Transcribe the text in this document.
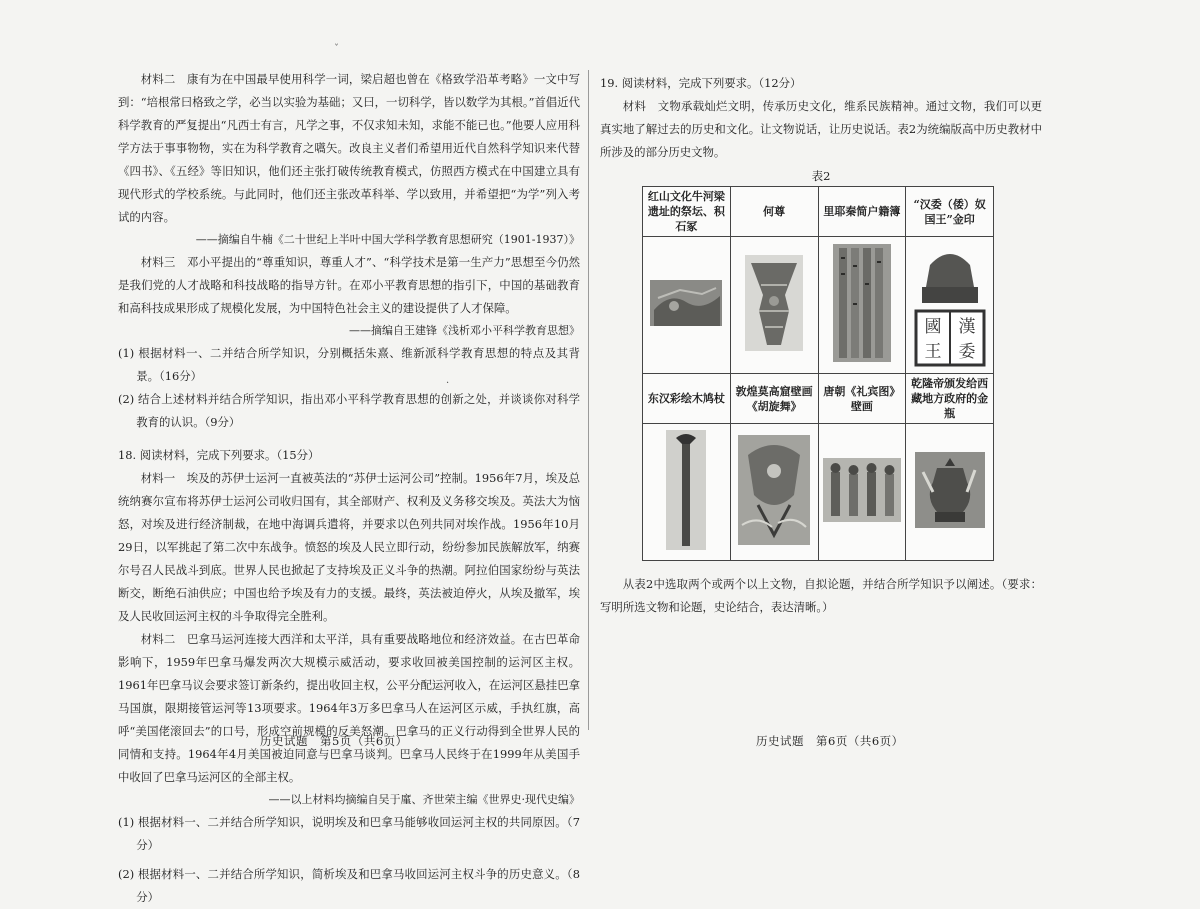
ˇ
·

材料二　康有为在中国最早使用科学一词，梁启超也曾在《格致学沿革考略》一文中写到：“培根常曰格致之学，必当以实验为基础；又曰，一切科学，皆以数学为其根。”首倡近代科学教育的严复提出“凡西士有言，凡学之事，不仅求知未知，求能不能已也。”他要人应用科学方法于事事物物，实在为科学教育之嚆矢。改良主义者们希望用近代自然科学知识来代替《四书》、《五经》等旧知识，他们还主张打破传统教育模式，仿照西方模式在中国建立具有现代形式的学校系统。与此同时，他们还主张改革科举、学以致用，并希望把“为学”列入考试的内容。

——摘编自牛楠《二十世纪上半叶中国大学科学教育思想研究（1901-1937）》

材料三　邓小平提出的“尊重知识，尊重人才”、“科学技术是第一生产力”思想至今仍然是我们党的人才战略和科技战略的指导方针。在邓小平教育思想的指引下，中国的基础教育和高科技成果形成了规模化发展，为中国特色社会主义的建设提供了人才保障。

——摘编自王建锋《浅析邓小平科学教育思想》

(1) 根据材料一、二并结合所学知识，分别概括朱熹、维新派科学教育思想的特点及其背景。（16分）

(2) 结合上述材料并结合所学知识，指出邓小平科学教育思想的创新之处，并谈谈你对科学教育的认识。（9分）

18. 阅读材料，完成下列要求。（15分）

材料一　埃及的苏伊士运河一直被英法的“苏伊士运河公司”控制。1956年7月，埃及总统纳赛尔宣布将苏伊士运河公司收归国有，其全部财产、权利及义务移交埃及。英法大为恼怒，对埃及进行经济制裁，在地中海调兵遣将，并要求以色列共同对埃作战。1956年10月29日，以军挑起了第二次中东战争。愤怒的埃及人民立即行动，纷纷参加民族解放军，纳赛尔号召人民战斗到底。世界人民也掀起了支持埃及正义斗争的热潮。阿拉伯国家纷纷与英法断交，断绝石油供应；中国也给予埃及有力的支援。最终，英法被迫停火，从埃及撤军，埃及人民收回运河主权的斗争取得完全胜利。

材料二　巴拿马运河连接大西洋和太平洋，具有重要战略地位和经济效益。在古巴革命影响下，1959年巴拿马爆发两次大规模示威活动，要求收回被美国控制的运河区主权。1961年巴拿马议会要求签订新条约，提出收回主权，公平分配运河收入，在运河区悬挂巴拿马国旗，限期接管运河等13项要求。1964年3万多巴拿马人在运河区示威，手执红旗，高呼“美国佬滚回去”的口号，形成空前规模的反美怒潮。巴拿马的正义行动得到全世界人民的同情和支持。1964年4月美国被迫同意与巴拿马谈判。巴拿马人民终于在1999年从美国手中收回了巴拿马运河区的全部主权。

——以上材料均摘编自吴于廑、齐世荣主编《世界史·现代史编》

(1) 根据材料一、二并结合所学知识，说明埃及和巴拿马能够收回运河主权的共同原因。（7分）

(2) 根据材料一、二并结合所学知识，简析埃及和巴拿马收回运河主权斗争的历史意义。（8分）

19. 阅读材料，完成下列要求。（12分）

材料　文物承载灿烂文明，传承历史文化，维系民族精神。通过文物，我们可以更真实地了解过去的历史和文化。让文物说话，让历史说话。表2为统编版高中历史教材中所涉及的部分历史文物。

表2
红山文化牛河梁遗址的祭坛、积石冢	何尊	里耶秦简户籍簿	“汉委（倭）奴国王”金印

國
王
漢
委

东汉彩绘木鸠杖	敦煌莫高窟壁画《胡旋舞》	唐朝《礼宾图》壁画	乾隆帝颁发给西藏地方政府的金瓶

从表2中选取两个或两个以上文物，自拟论题，并结合所学知识予以阐述。（要求：写明所选文物和论题，史论结合，表达清晰。）

历史试题　第5页（共6页）	历史试题　第6页（共6页）
